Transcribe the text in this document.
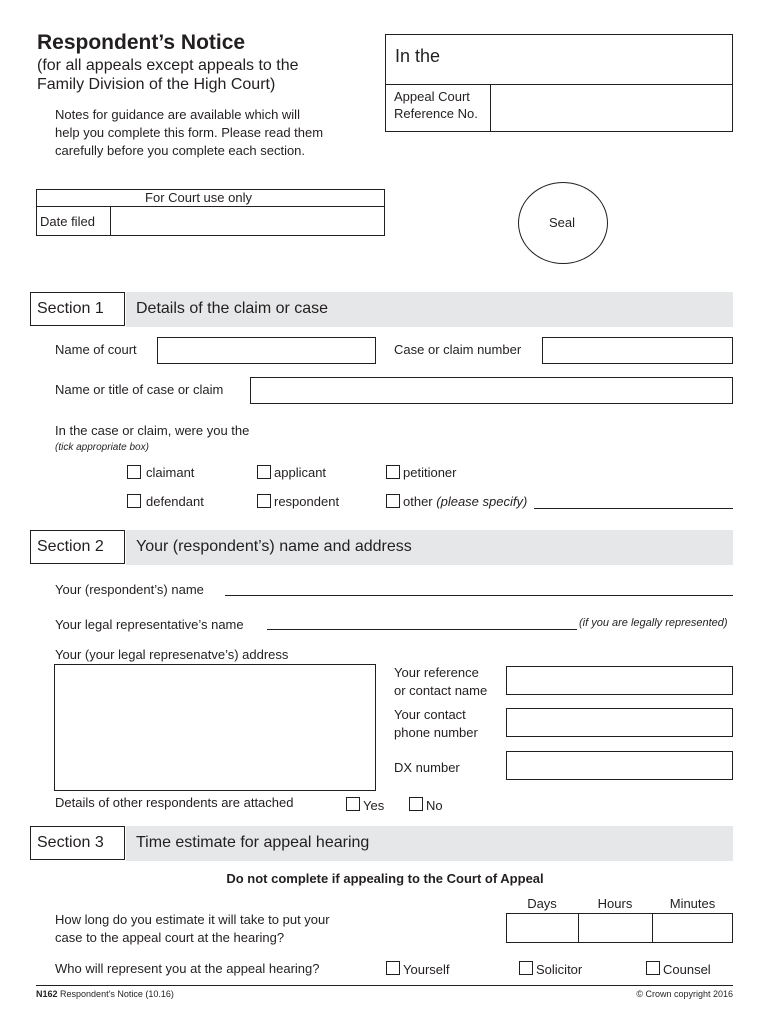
Respondent’s Notice
(for all appeals except appeals to the
Family Division of the High Court)
Notes for guidance are available which will
help you complete this form. Please read them
carefully before you complete each section.
In the
Appeal Court
Reference No.
For Court use only
Date filed	Seal
Details of the claim or case
Section 1
Name of court	Case or claim number
Name or title of case or claim
In the case or claim, were you the
(tick appropriate box)
claimant	applicant	petitioner
defendant	respondent	other (please specify)
Your (respondent’s) name and address
Section 2
Your (respondent’s) name
Your legal representative’s name	(if you are legally represented)
Your (your legal represenatve’s) address
Your reference
or contact name
Your contact
phone number
DX number
Details of other respondents are attached	Yes	No
Time estimate for appeal hearing
Section 3
Do not complete if appealing to the Court of Appeal
Days	Hours	Minutes
How long do you estimate it will take to put your
case to the appeal court at the hearing?
Who will represent you at the appeal hearing?	Yourself	Solicitor	Counsel
N162 Respondent’s Notice (10.16)	© Crown copyright 2016
